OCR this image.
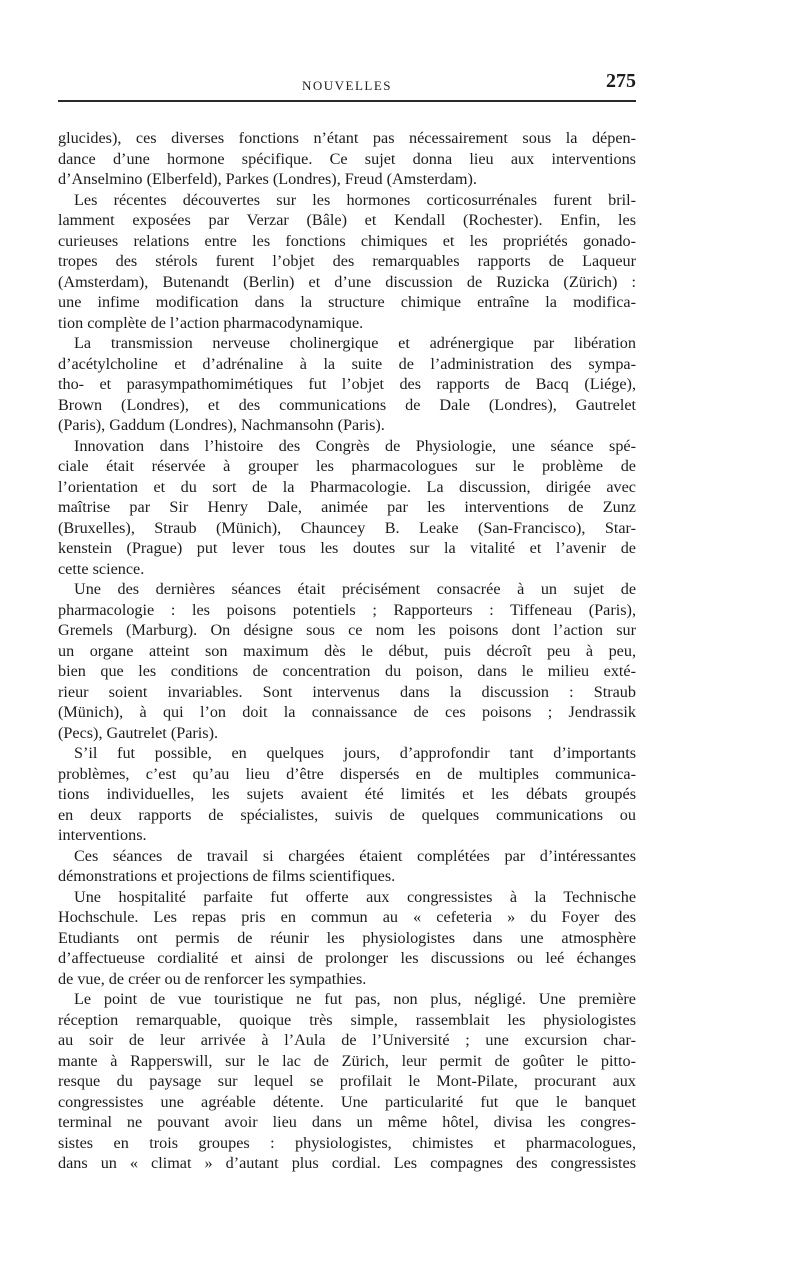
NOUVELLES	275
glucides), ces diverses fonctions n’étant pas nécessairement sous la dépen-
dance d’une hormone spécifique. Ce sujet donna lieu aux interventions
d’Anselmino (Elberfeld), Parkes (Londres), Freud (Amsterdam).
Les récentes découvertes sur les hormones corticosurrénales furent bril-
lamment exposées par Verzar (Bâle) et Kendall (Rochester). Enfin, les
curieuses relations entre les fonctions chimiques et les propriétés gonado-
tropes des stérols furent l’objet des remarquables rapports de Laqueur
(Amsterdam), Butenandt (Berlin) et d’une discussion de Ruzicka (Zürich) :
une infime modification dans la structure chimique entraîne la modifica-
tion complète de l’action pharmacodynamique.
La transmission nerveuse cholinergique et adrénergique par libération
d’acétylcholine et d’adrénaline à la suite de l’administration des sympa-
tho- et parasympathomimétiques fut l’objet des rapports de Bacq (Liége),
Brown (Londres), et des communications de Dale (Londres), Gautrelet
(Paris), Gaddum (Londres), Nachmansohn (Paris).
Innovation dans l’histoire des Congrès de Physiologie, une séance spé-
ciale était réservée à grouper les pharmacologues sur le problème de
l’orientation et du sort de la Pharmacologie. La discussion, dirigée avec
maîtrise par Sir Henry Dale, animée par les interventions de Zunz
(Bruxelles), Straub (Münich), Chauncey B. Leake (San-Francisco), Star-
kenstein (Prague) put lever tous les doutes sur la vitalité et l’avenir de
cette science.
Une des dernières séances était précisément consacrée à un sujet de
pharmacologie : les poisons potentiels ; Rapporteurs : Tiffeneau (Paris),
Gremels (Marburg). On désigne sous ce nom les poisons dont l’action sur
un organe atteint son maximum dès le début, puis décroît peu à peu,
bien que les conditions de concentration du poison, dans le milieu exté-
rieur soient invariables. Sont intervenus dans la discussion : Straub
(Münich), à qui l’on doit la connaissance de ces poisons ; Jendrassik
(Pecs), Gautrelet (Paris).
S’il fut possible, en quelques jours, d’approfondir tant d’importants
problèmes, c’est qu’au lieu d’être dispersés en de multiples communica-
tions individuelles, les sujets avaient été limités et les débats groupés
en deux rapports de spécialistes, suivis de quelques communications ou
interventions.
Ces séances de travail si chargées étaient complétées par d’intéressantes
démonstrations et projections de films scientifiques.
Une hospitalité parfaite fut offerte aux congressistes à la Technische
Hochschule. Les repas pris en commun au « cefeteria » du Foyer des
Etudiants ont permis de réunir les physiologistes dans une atmosphère
d’affectueuse cordialité et ainsi de prolonger les discussions ou leé échanges
de vue, de créer ou de renforcer les sympathies.
Le point de vue touristique ne fut pas, non plus, négligé. Une première
réception remarquable, quoique très simple, rassemblait les physiologistes
au soir de leur arrivée à l’Aula de l’Université ; une excursion char-
mante à Rapperswill, sur le lac de Zürich, leur permit de goûter le pitto-
resque du paysage sur lequel se profilait le Mont-Pilate, procurant aux
congressistes une agréable détente. Une particularité fut que le banquet
terminal ne pouvant avoir lieu dans un même hôtel, divisa les congres-
sistes en trois groupes : physiologistes, chimistes et pharmacologues,
dans un « climat » d’autant plus cordial. Les compagnes des congressistes
